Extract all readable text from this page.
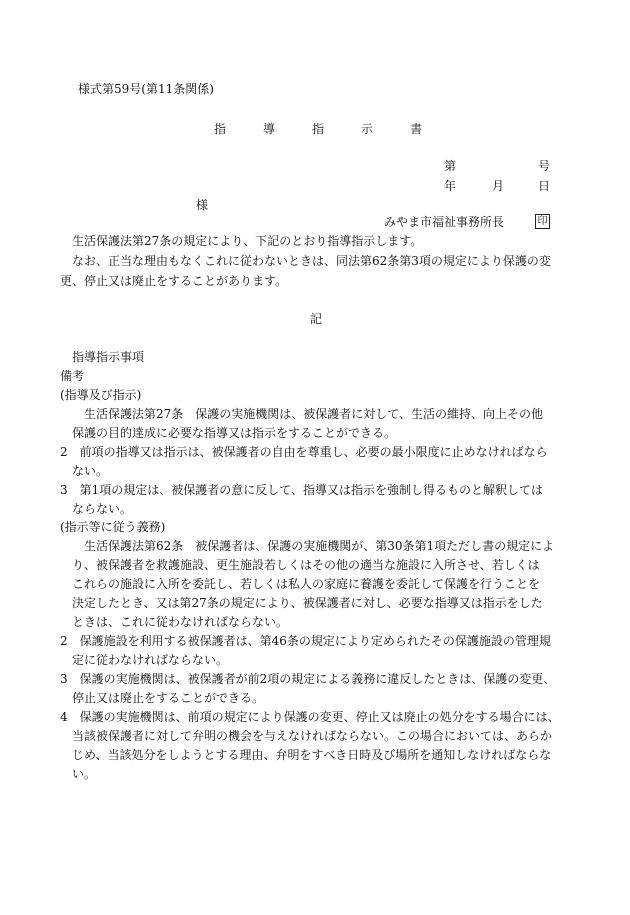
様式第59号(第11条関係)
指	導	指	示	書
第	号
年	月	日
様
みやま市福祉事務所長	印
　生活保護法第27条の規定により、下記のとおり指導指示します。
　なお、正当な理由もなくこれに従わないときは、同法第62条第3項の規定により保護の変
更、停止又は廃止をすることがあります。
記
　指導指示事項
備考
(指導及び指示)
　　生活保護法第27条　保護の実施機関は、被保護者に対して、生活の維持、向上その他
　保護の目的達成に必要な指導又は指示をすることができる。
2　前項の指導又は指示は、被保護者の自由を尊重し、必要の最小限度に止めなければなら
　ない。
3　第1項の規定は、被保護者の意に反して、指導又は指示を強制し得るものと解釈しては
　ならない。
(指示等に従う義務)
　　生活保護法第62条　被保護者は、保護の実施機関が、第30条第1項ただし書の規定によ
　り、被保護者を救護施設、更生施設若しくはその他の適当な施設に入所させ、若しくは
　これらの施設に入所を委託し、若しくは私人の家庭に養護を委託して保護を行うことを
　決定したとき、又は第27条の規定により、被保護者に対し、必要な指導又は指示をした
　ときは、これに従わなければならない。
2　保護施設を利用する被保護者は、第46条の規定により定められたその保護施設の管理規
　定に従わなければならない。
3　保護の実施機関は、被保護者が前2項の規定による義務に違反したときは、保護の変更、
　停止又は廃止をすることができる。
4　保護の実施機関は、前項の規定により保護の変更、停止又は廃止の処分をする場合には、
　当該被保護者に対して弁明の機会を与えなければならない。この場合においては、あらか
　じめ、当該処分をしようとする理由、弁明をすべき日時及び場所を通知しなければならな
　い。
